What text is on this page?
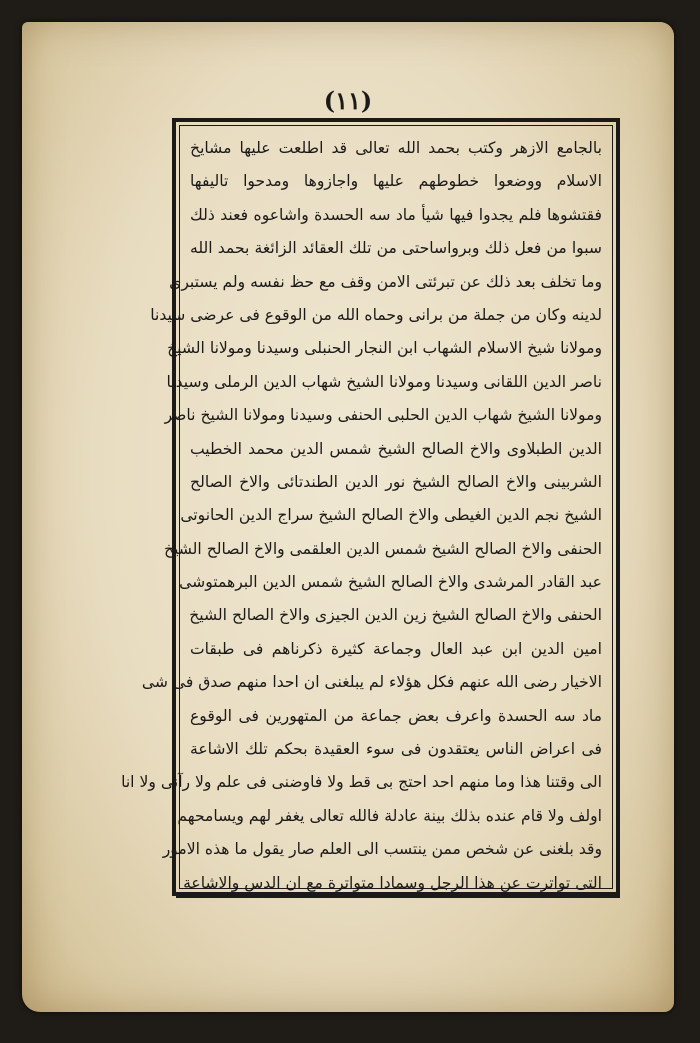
(١١)
بالجامع الازهر وكتب بحمد الله تعالى قد اطلعت عليها مشايخ
الاسلام ووضعوا خطوطهم عليها واجازوها ومدحوا تاليفها
فقتشوها فلم يجدوا فيها شيأ ماد سه الحسدة واشاعوه فعند ذلك
سبوا من فعل ذلك وبرواساحتى من تلك العقائد الزائغة بحمد الله
وما تخلف بعد ذلك عن تبرئتى الامن وقف مع حظ نفسه ولم يستبرى
لدينه وكان من جملة من برانى وحماه الله من الوقوع فى عرضى سيدنا
ومولانا شيخ الاسلام الشهاب ابن النجار الحنبلى وسيدنا ومولانا الشيخ
ناصر الدين اللقانى وسيدنا ومولانا الشيخ شهاب الدين الرملى وسيدنا
ومولانا الشيخ شهاب الدين الحلبى الحنفى وسيدنا ومولانا الشيخ ناصر
الدين الطبلاوى والاخ الصالح الشيخ شمس الدين محمد الخطيب
الشربينى والاخ الصالح الشيخ نور الدين الطندتائى والاخ الصالح
الشيخ نجم الدين الغيطى والاخ الصالح الشيخ سراج الدين الحانوتى
الحنفى والاخ الصالح الشيخ شمس الدين العلقمى والاخ الصالح الشيخ
عبد القادر المرشدى والاخ الصالح الشيخ شمس الدين البرهمتوشى
الحنفى والاخ الصالح الشيخ زين الدين الجيزى والاخ الصالح الشيخ
امين الدين ابن عبد العال وجماعة كثيرة ذكرناهم فى طبقات
الاخيار رضى الله عنهم فكل هؤلاء لم يبلغنى ان احدا منهم صدق فى شى
ماد سه الحسدة واعرف بعض جماعة من المتهورين فى الوقوع
فى اعراض الناس يعتقدون فى سوء العقيدة بحكم تلك الاشاعة
الى وقتنا هذا وما منهم احد احتج بى قط ولا فاوضنى فى علم ولا رآنى ولا انا
اولف ولا قام عنده بذلك بينة عادلة فالله تعالى يغفر لهم ويسامحهم
وقد بلغنى عن شخص ممن ينتسب الى العلم صار يقول ما هذه الامور
التى تواترت عن هذا الرجل وسمادا متواترة مع ان الدس والاشاعة
